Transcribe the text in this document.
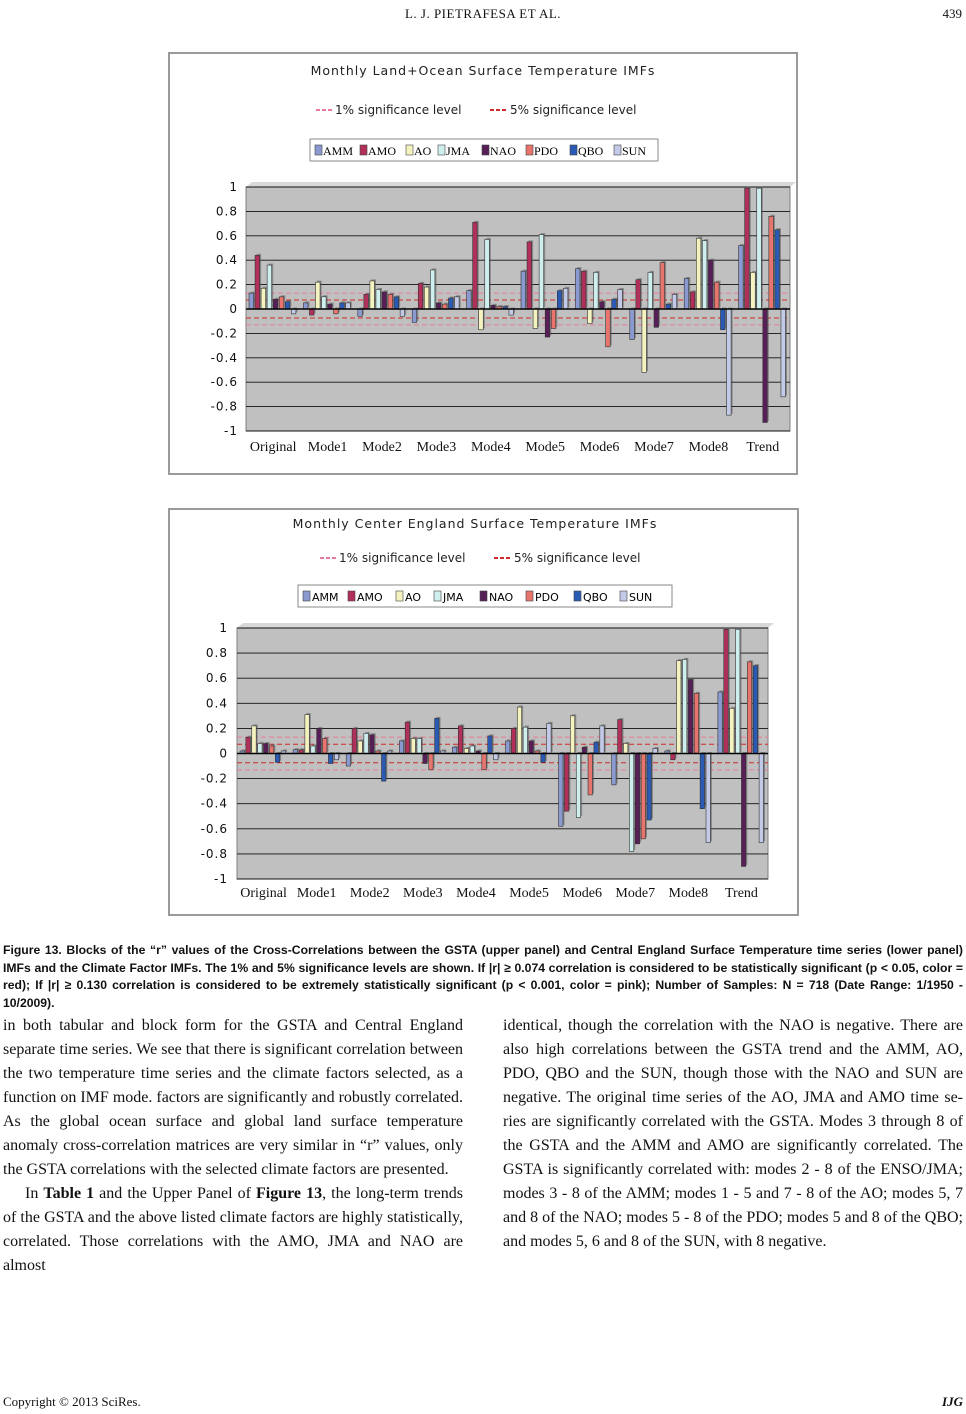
L. J. PIETRAFESA ET AL.	439
Monthly Land+Ocean Surface Temperature IMFs
1% significance level	5% significance level
AMM AMO AO JMA NAO PDO QBO SUN
1
0.8
0.6
0.4
0.2
0
-0.2
-0.4
-0.6
-0.8
-1
Original Mode1 Mode2 Mode3 Mode4 Mode5 Mode6 Mode7 Mode8 Trend
Monthly Center England Surface Temperature IMFs
1% significance level	5% significance level
AMM AMO AO JMA NAO PDO QBO SUN
1
0.8
0.6
0.4
0.2
0
-0.2
-0.4
-0.6
-0.8
-1
Original Mode1 Mode2 Mode3 Mode4 Mode5 Mode6 Mode7 Mode8 Trend
Figure 13. Blocks of the “r” values of the Cross-Correlations between the GSTA (upper panel) and Central England Surface Temperature time series (lower panel) IMFs and the Climate Factor IMFs. The 1% and 5% significance levels are shown. If |r| ≥ 0.074 correlation is considered to be statistically significant (p < 0.05, color = red); If |r| ≥ 0.130 correlation is considered to be extremely statistically significant (p < 0.001, color = pink); Number of Samples: N = 718 (Date Range: 1/1950 - 10/2009).

in both tabular and block form for the GSTA and Central England separate time series. We see that there is significant correlation between the two temperature time series and the climate factors selected, as a function on IMF mode. factors are significantly and robustly correlated. As the global ocean surface and global land surface temperature anomaly cross-correlation matrices are very similar in “r” values, only the GSTA correlations with the selected climate factors are presented.

In Table 1 and the Upper Panel of Figure 13, the long-term trends of the GSTA and the above listed climate factors are highly statistically, correlated. Those correlations with the AMO, JMA and NAO are almost

identical, though the correlation with the NAO is negative. There are also high correlations between the GSTA trend and the AMM, AO, PDO, QBO and the SUN, though those with the NAO and SUN are negative. The original time series of the AO, JMA and AMO time series are significantly correlated with the GSTA. Modes 3 through 8 of the GSTA and the AMM and AMO are significantly correlated. The GSTA is significantly correlated with: modes 2 - 8 of the ENSO/JMA; modes 3 - 8 of the AMM; modes 1 - 5 and 7 - 8 of the AO; modes 5, 7 and 8 of the NAO; modes 5 - 8 of the PDO; modes 5 and 8 of the QBO; and modes 5, 6 and 8 of the SUN, with 8 negative.

Copyright © 2013 SciRes.	IJG
